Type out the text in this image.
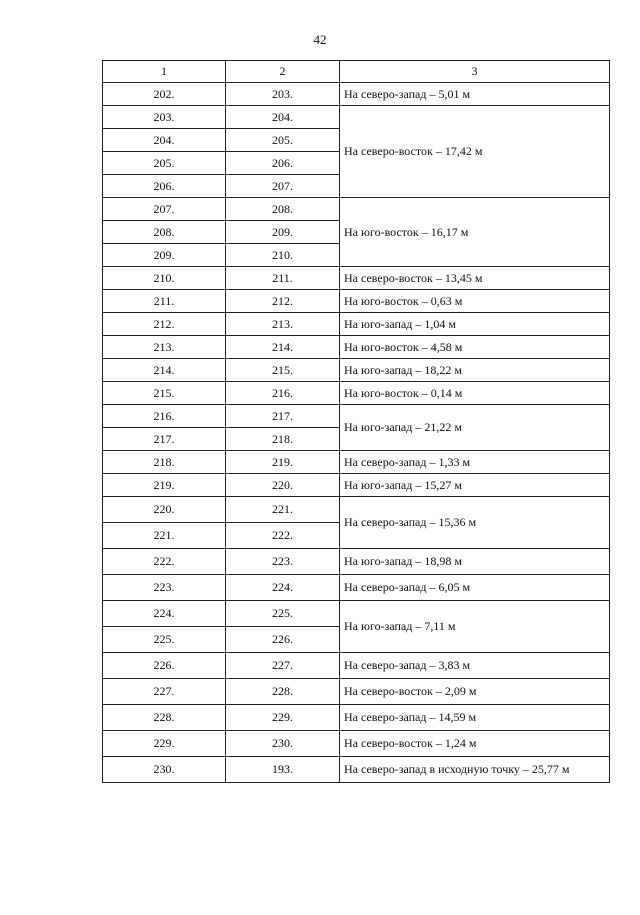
42
1	2	3
202.	203.	На северо-запад – 5,01 м
203.	204.	На северо-восток – 17,42 м
204.	205.	
205.	206.	
206.	207.	
207.	208.	На юго-восток – 16,17 м
208.	209.	
209.	210.	
210.	211.	На северо-восток – 13,45 м
211.	212.	На юго-восток – 0,63 м
212.	213.	На юго-запад – 1,04 м
213.	214.	На юго-восток – 4,58 м
214.	215.	На юго-запад – 18,22 м
215.	216.	На юго-восток – 0,14 м
216.	217.	На юго-запад – 21,22 м
217.	218.	
218.	219.	На северо-запад – 1,33 м
219.	220.	На юго-запад – 15,27 м
220.	221.	На северо-запад – 15,36 м
221.	222.	
222.	223.	На юго-запад – 18,98 м
223.	224.	На северо-запад – 6,05 м
224.	225.	На юго-запад – 7,11 м
225.	226.	
226.	227.	На северо-запад – 3,83 м
227.	228.	На северо-восток – 2,09 м
228.	229.	На северо-запад – 14,59 м
229.	230.	На северо-восток – 1,24 м
230.	193.	На северо-запад в исходную точку – 25,77 м
